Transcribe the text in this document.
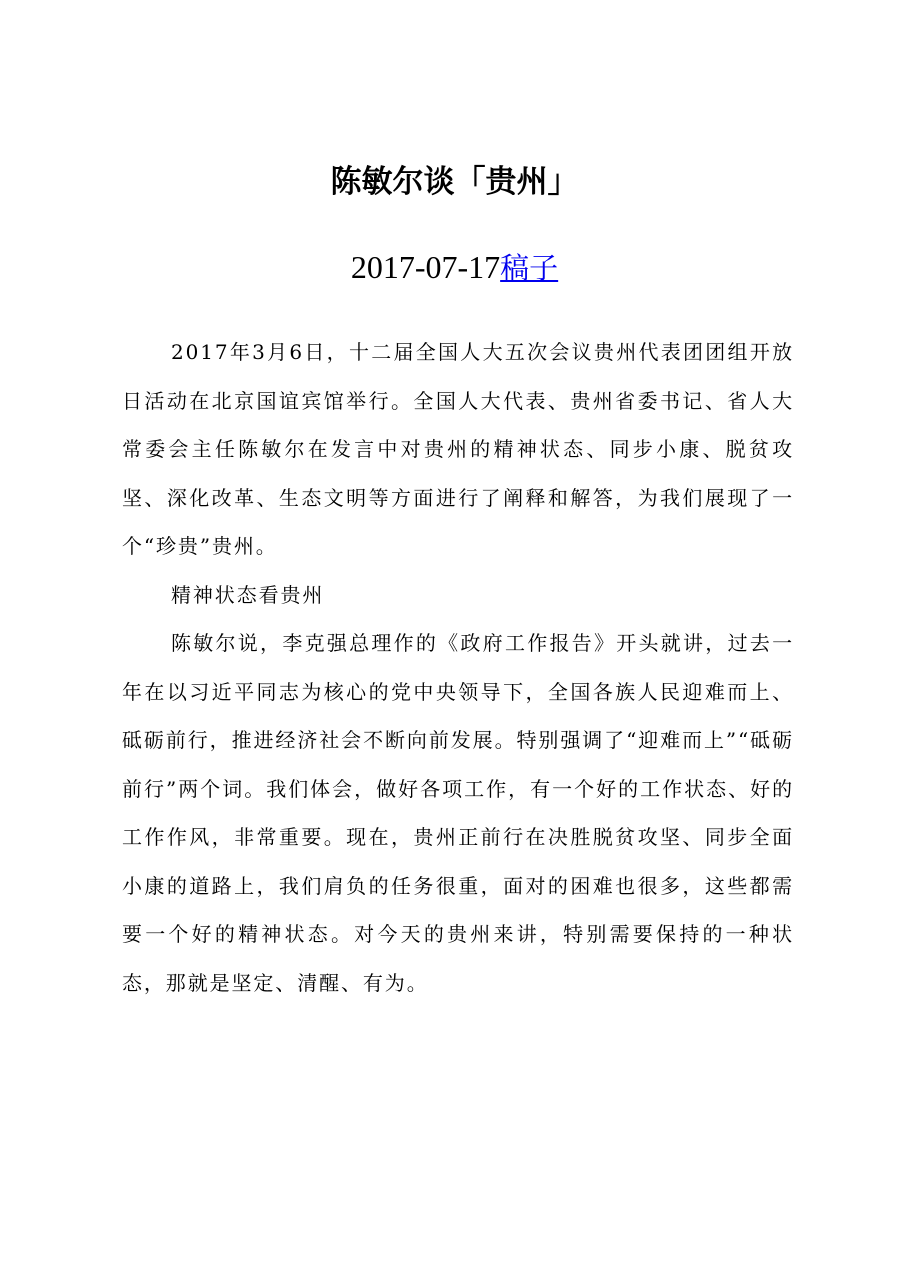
陈敏尔谈「贵州」
2017-07-17稿子

2017年3月6日，十二届全国人大五次会议贵州代表团团组开放日活动在北京国谊宾馆举行。全国人大代表、贵州省委书记、省人大常委会主任陈敏尔在发言中对贵州的精神状态、同步小康、脱贫攻坚、深化改革、生态文明等方面进行了阐释和解答，为我们展现了一个“珍贵”贵州。

精神状态看贵州

陈敏尔说，李克强总理作的《政府工作报告》开头就讲，过去一年在以习近平同志为核心的党中央领导下，全国各族人民迎难而上、砥砺前行，推进经济社会不断向前发展。特别强调了“迎难而上”“砥砺前行”两个词。我们体会，做好各项工作，有一个好的工作状态、好的工作作风，非常重要。现在，贵州正前行在决胜脱贫攻坚、同步全面小康的道路上，我们肩负的任务很重，面对的困难也很多，这些都需要一个好的精神状态。对今天的贵州来讲，特别需要保持的一种状态，那就是坚定、清醒、有为。
